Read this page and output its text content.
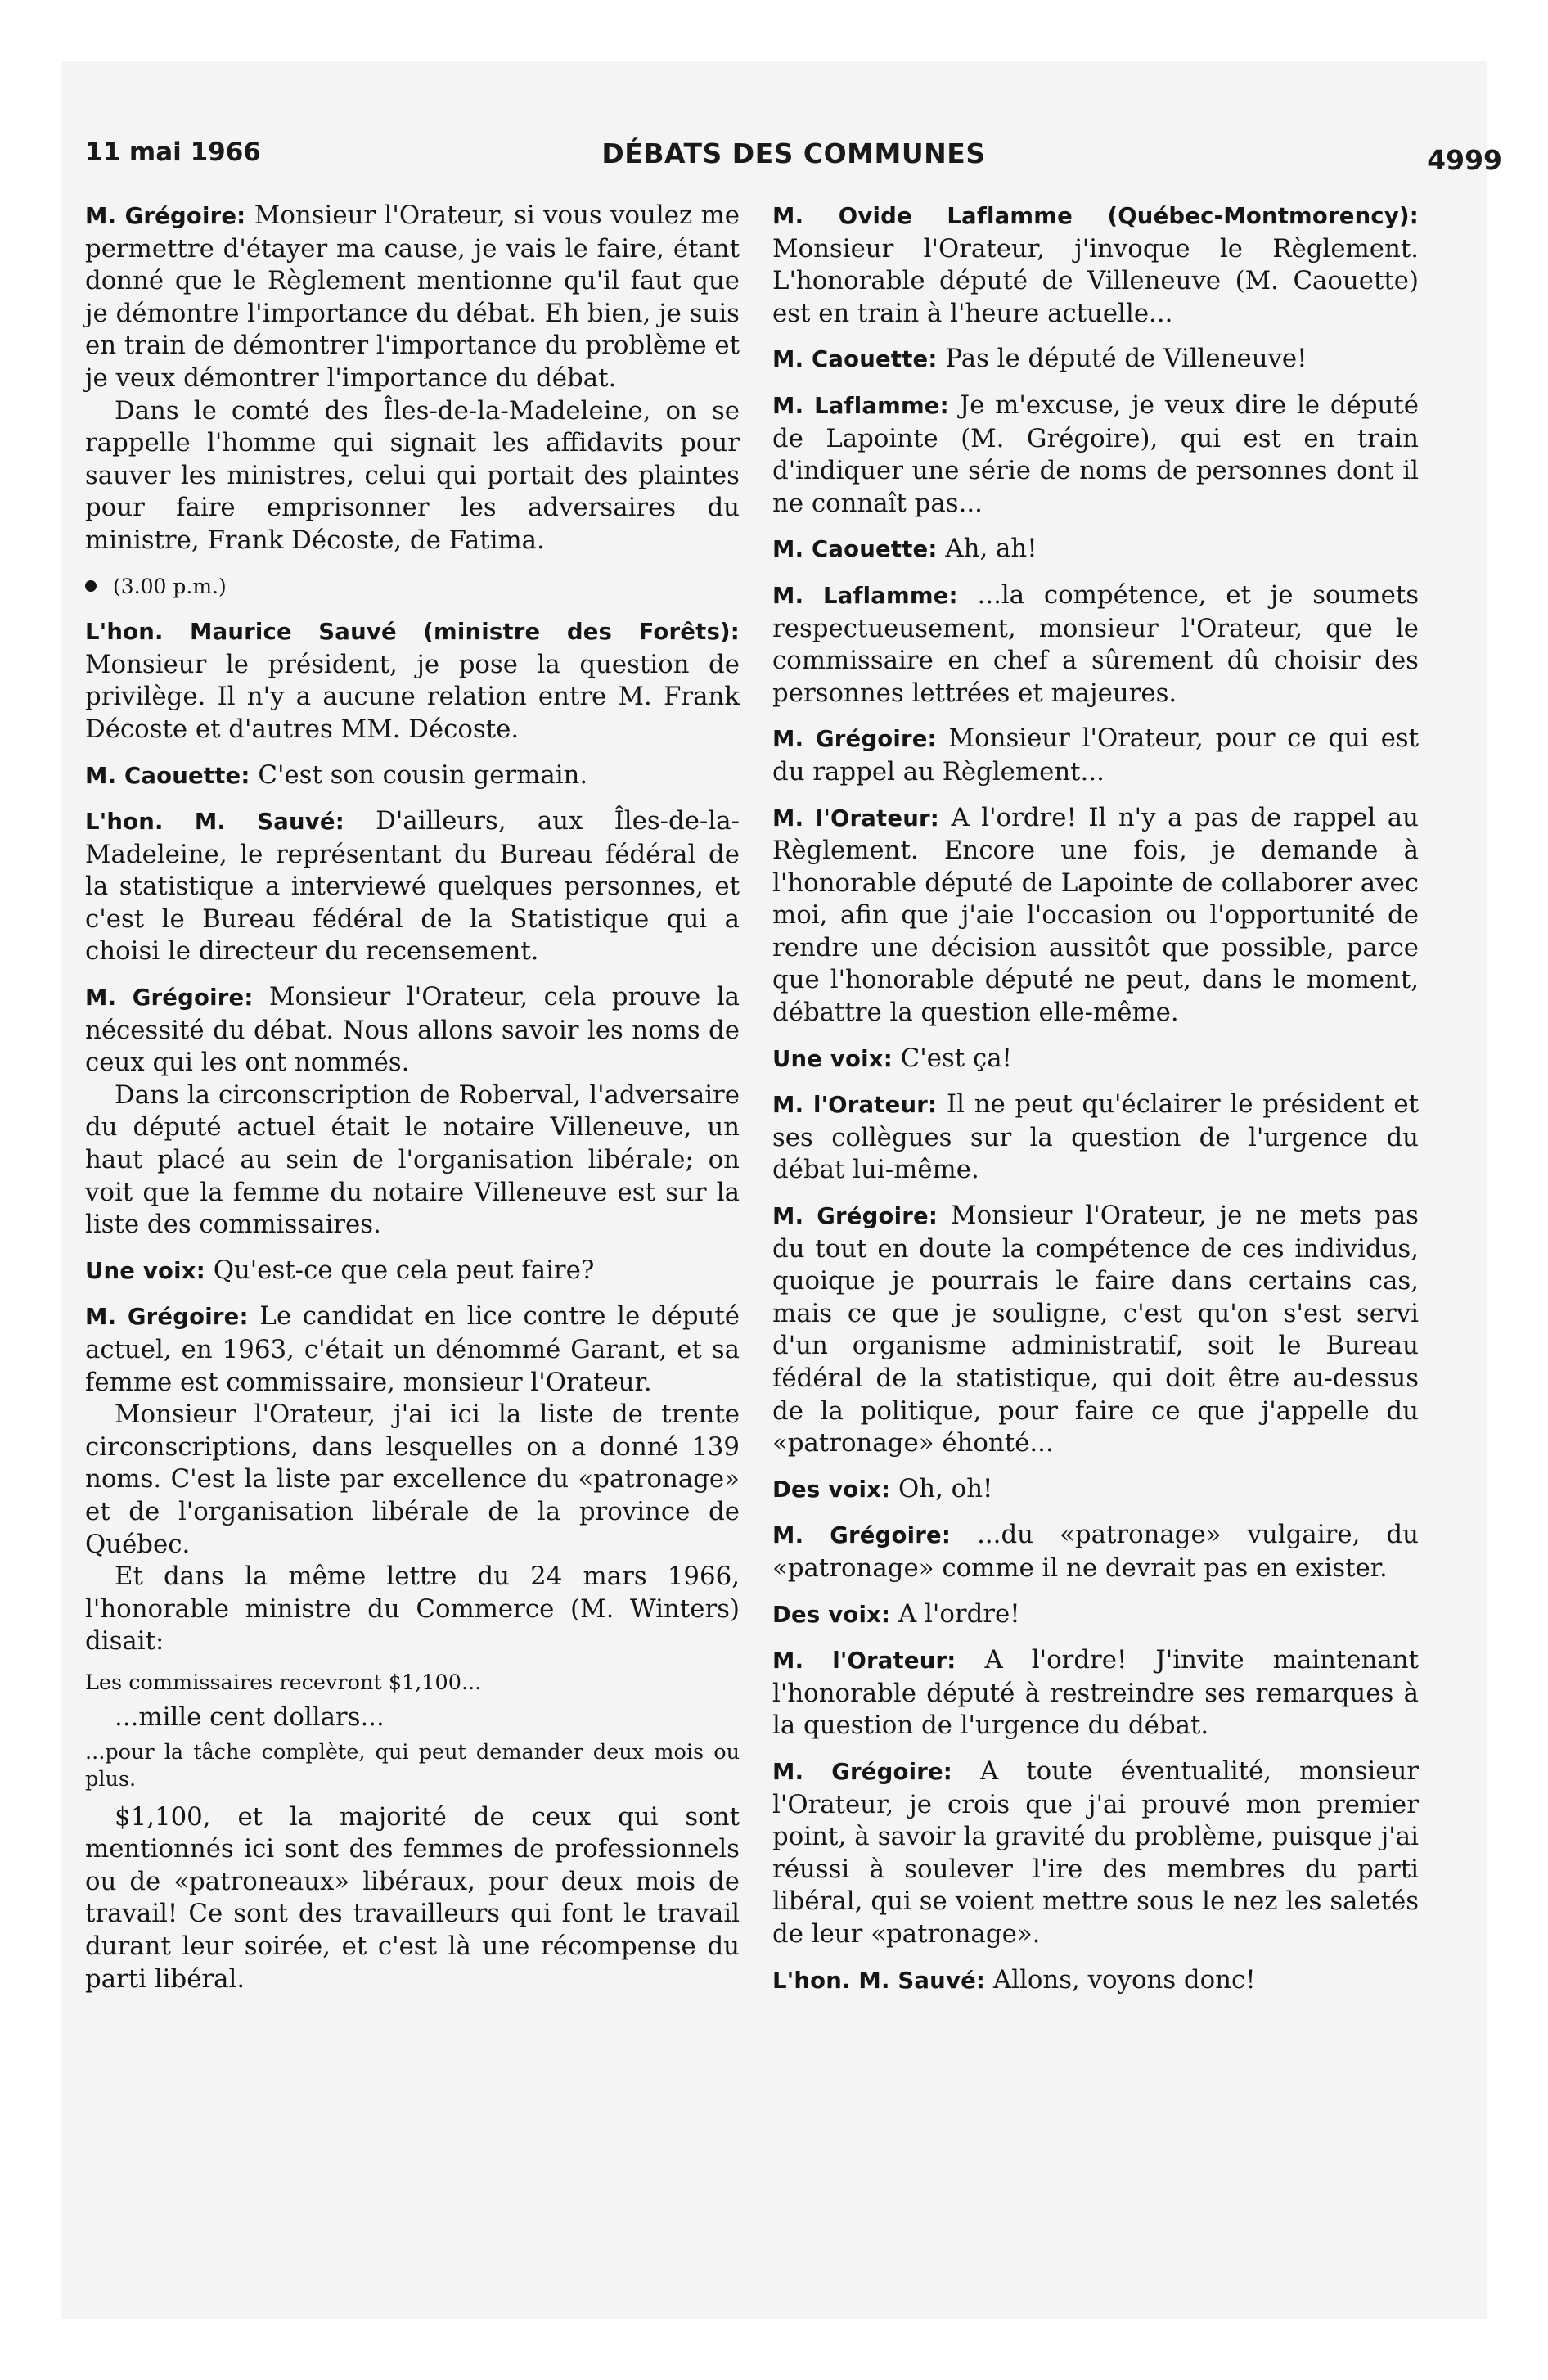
11 mai 1966	DÉBATS DES COMMUNES	4999

M. Grégoire: Monsieur l'Orateur, si vous voulez me permettre d'étayer ma cause, je vais le faire, étant donné que le Règlement mentionne qu'il faut que je démontre l'importance du débat. Eh bien, je suis en train de démontrer l'importance du problème et je veux démontrer l'importance du débat.

Dans le comté des Îles-de-la-Madeleine, on se rappelle l'homme qui signait les affidavits pour sauver les ministres, celui qui portait des plaintes pour faire emprisonner les adversaires du ministre, Frank Décoste, de Fatima.

(3.00 p.m.)

L'hon. Maurice Sauvé (ministre des Forêts): Monsieur le président, je pose la question de privilège. Il n'y a aucune relation entre M. Frank Décoste et d'autres MM. Décoste.

M. Caouette: C'est son cousin germain.

L'hon. M. Sauvé: D'ailleurs, aux Îles-de-la-Madeleine, le représentant du Bureau fédéral de la statistique a interviewé quelques personnes, et c'est le Bureau fédéral de la Statistique qui a choisi le directeur du recensement.

M. Grégoire: Monsieur l'Orateur, cela prouve la nécessité du débat. Nous allons savoir les noms de ceux qui les ont nommés.

Dans la circonscription de Roberval, l'adversaire du député actuel était le notaire Villeneuve, un haut placé au sein de l'organisation libérale; on voit que la femme du notaire Villeneuve est sur la liste des commissaires.

Une voix: Qu'est-ce que cela peut faire?

M. Grégoire: Le candidat en lice contre le député actuel, en 1963, c'était un dénommé Garant, et sa femme est commissaire, monsieur l'Orateur.

Monsieur l'Orateur, j'ai ici la liste de trente circonscriptions, dans lesquelles on a donné 139 noms. C'est la liste par excellence du «patronage» et de l'organisation libérale de la province de Québec.

Et dans la même lettre du 24 mars 1966, l'honorable ministre du Commerce (M. Winters) disait:

Les commissaires recevront $1,100...

...mille cent dollars...

...pour la tâche complète, qui peut demander deux mois ou plus.

$1,100, et la majorité de ceux qui sont mentionnés ici sont des femmes de professionnels ou de «patroneaux» libéraux, pour deux mois de travail! Ce sont des travailleurs qui font le travail durant leur soirée, et c'est là une récompense du parti libéral.

M. Ovide Laflamme (Québec-Montmorency): Monsieur l'Orateur, j'invoque le Règlement. L'honorable député de Villeneuve (M. Caouette) est en train à l'heure actuelle...

M. Caouette: Pas le député de Villeneuve!

M. Laflamme: Je m'excuse, je veux dire le député de Lapointe (M. Grégoire), qui est en train d'indiquer une série de noms de personnes dont il ne connaît pas...

M. Caouette: Ah, ah!

M. Laflamme: ...la compétence, et je soumets respectueusement, monsieur l'Orateur, que le commissaire en chef a sûrement dû choisir des personnes lettrées et majeures.

M. Grégoire: Monsieur l'Orateur, pour ce qui est du rappel au Règlement...

M. l'Orateur: A l'ordre! Il n'y a pas de rappel au Règlement. Encore une fois, je demande à l'honorable député de Lapointe de collaborer avec moi, afin que j'aie l'occasion ou l'opportunité de rendre une décision aussitôt que possible, parce que l'honorable député ne peut, dans le moment, débattre la question elle-même.

Une voix: C'est ça!

M. l'Orateur: Il ne peut qu'éclairer le président et ses collègues sur la question de l'urgence du débat lui-même.

M. Grégoire: Monsieur l'Orateur, je ne mets pas du tout en doute la compétence de ces individus, quoique je pourrais le faire dans certains cas, mais ce que je souligne, c'est qu'on s'est servi d'un organisme administratif, soit le Bureau fédéral de la statistique, qui doit être au-dessus de la politique, pour faire ce que j'appelle du «patronage» éhonté...

Des voix: Oh, oh!

M. Grégoire: ...du «patronage» vulgaire, du «patronage» comme il ne devrait pas en exister.

Des voix: A l'ordre!

M. l'Orateur: A l'ordre! J'invite maintenant l'honorable député à restreindre ses remarques à la question de l'urgence du débat.

M. Grégoire: A toute éventualité, monsieur l'Orateur, je crois que j'ai prouvé mon premier point, à savoir la gravité du problème, puisque j'ai réussi à soulever l'ire des membres du parti libéral, qui se voient mettre sous le nez les saletés de leur «patronage».

L'hon. M. Sauvé: Allons, voyons donc!
